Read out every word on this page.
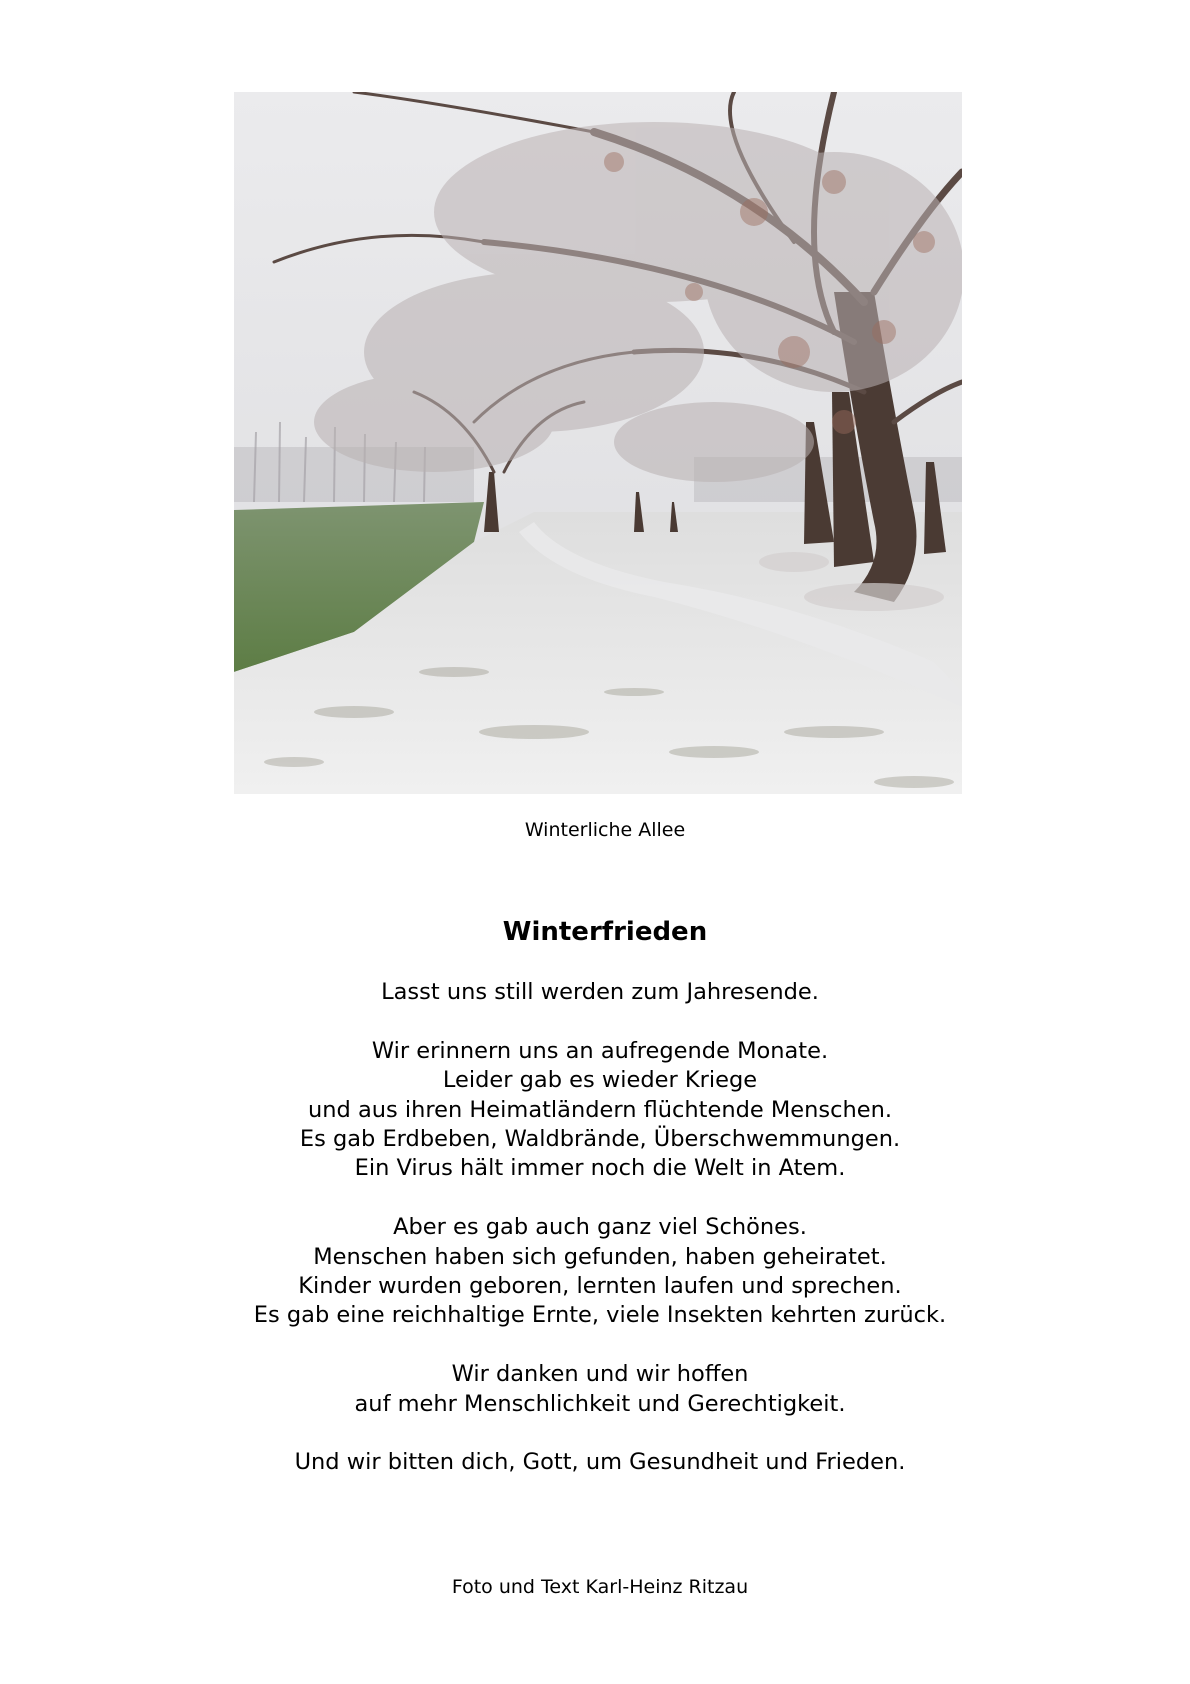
Winterliche Allee
Winterfrieden
Lasst uns still werden zum Jahresende.
Wir erinnern uns an aufregende Monate.
Leider gab es wieder Kriege
und aus ihren Heimatländern flüchtende Menschen.
Es gab Erdbeben, Waldbrände, Überschwemmungen.
Ein Virus hält immer noch die Welt in Atem.
Aber es gab auch ganz viel Schönes.
Menschen haben sich gefunden, haben geheiratet.
Kinder wurden geboren, lernten laufen und sprechen.
Es gab eine reichhaltige Ernte, viele Insekten kehrten zurück.
Wir danken und wir hoffen
auf mehr Menschlichkeit und Gerechtigkeit.
Und wir bitten dich, Gott, um Gesundheit und Frieden.
Foto und Text Karl-Heinz Ritzau
